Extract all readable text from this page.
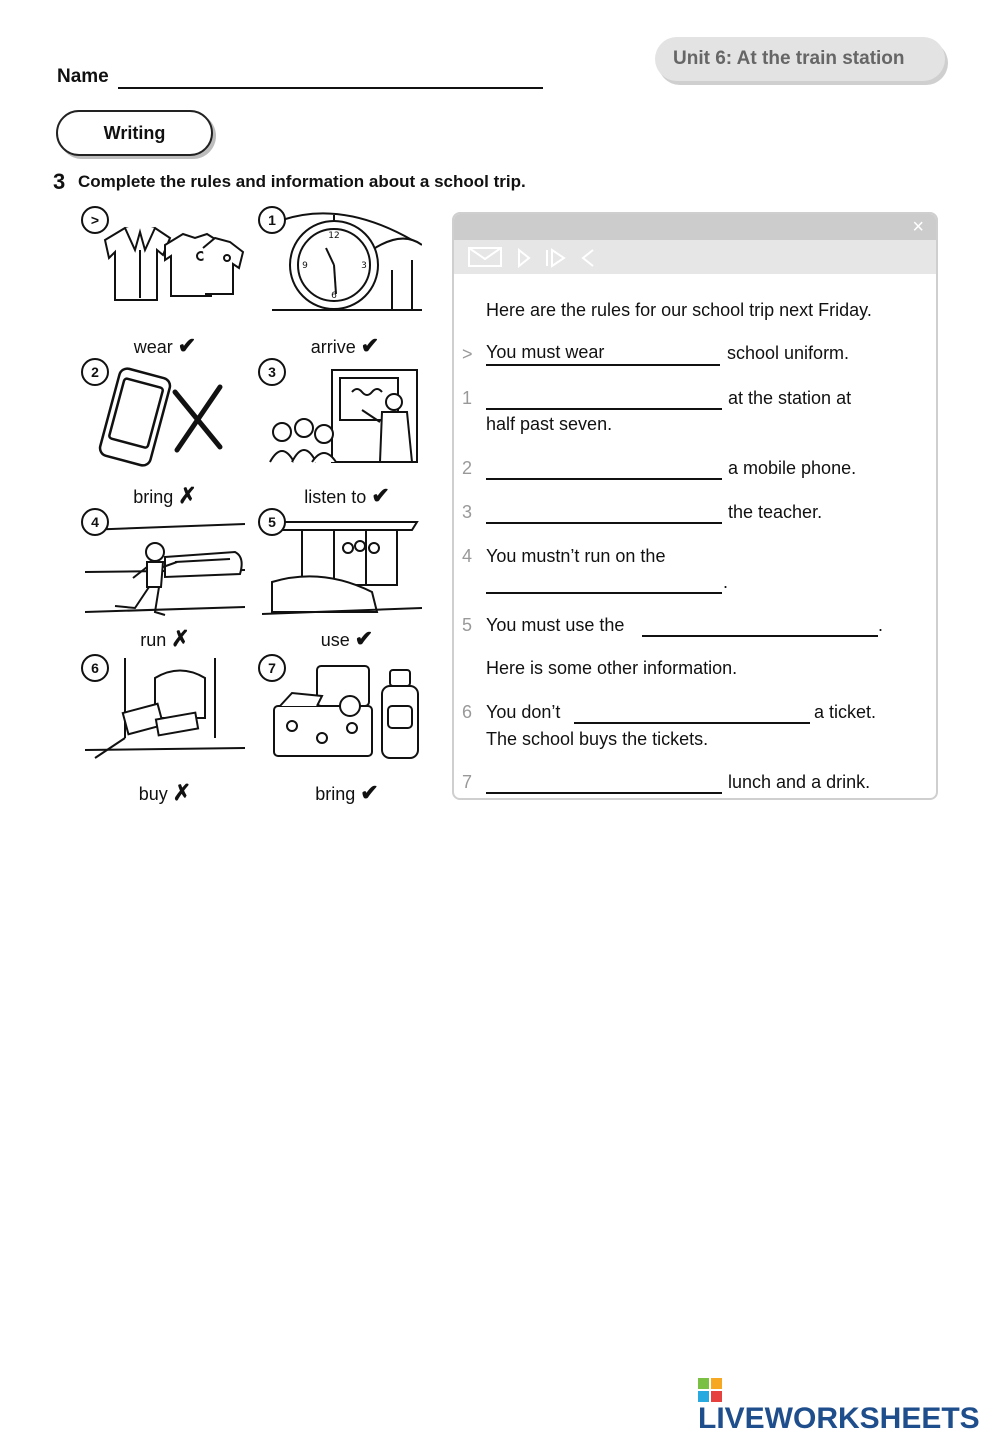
Name
Unit 6: At the train station
Writing
3 Complete the rules and information about a school trip.
>
wear ✔
12
3
6
9
1
arrive ✔
2
bring ✗
3
listen to ✔
4
run ✗
5
use ✔
6
buy ✗
7
bring ✔
×
Here are the rules for our school trip next Friday.
> You must wear	school uniform.
1	at the station at
half past seven.
2	a mobile phone.
3	the teacher.
4 You mustn’t run on the
.
5 You must use the	.
Here is some other information.
6 You don’t	a ticket.
The school buys the tickets.
7	lunch and a drink.
LIVEWORKSHEETS
